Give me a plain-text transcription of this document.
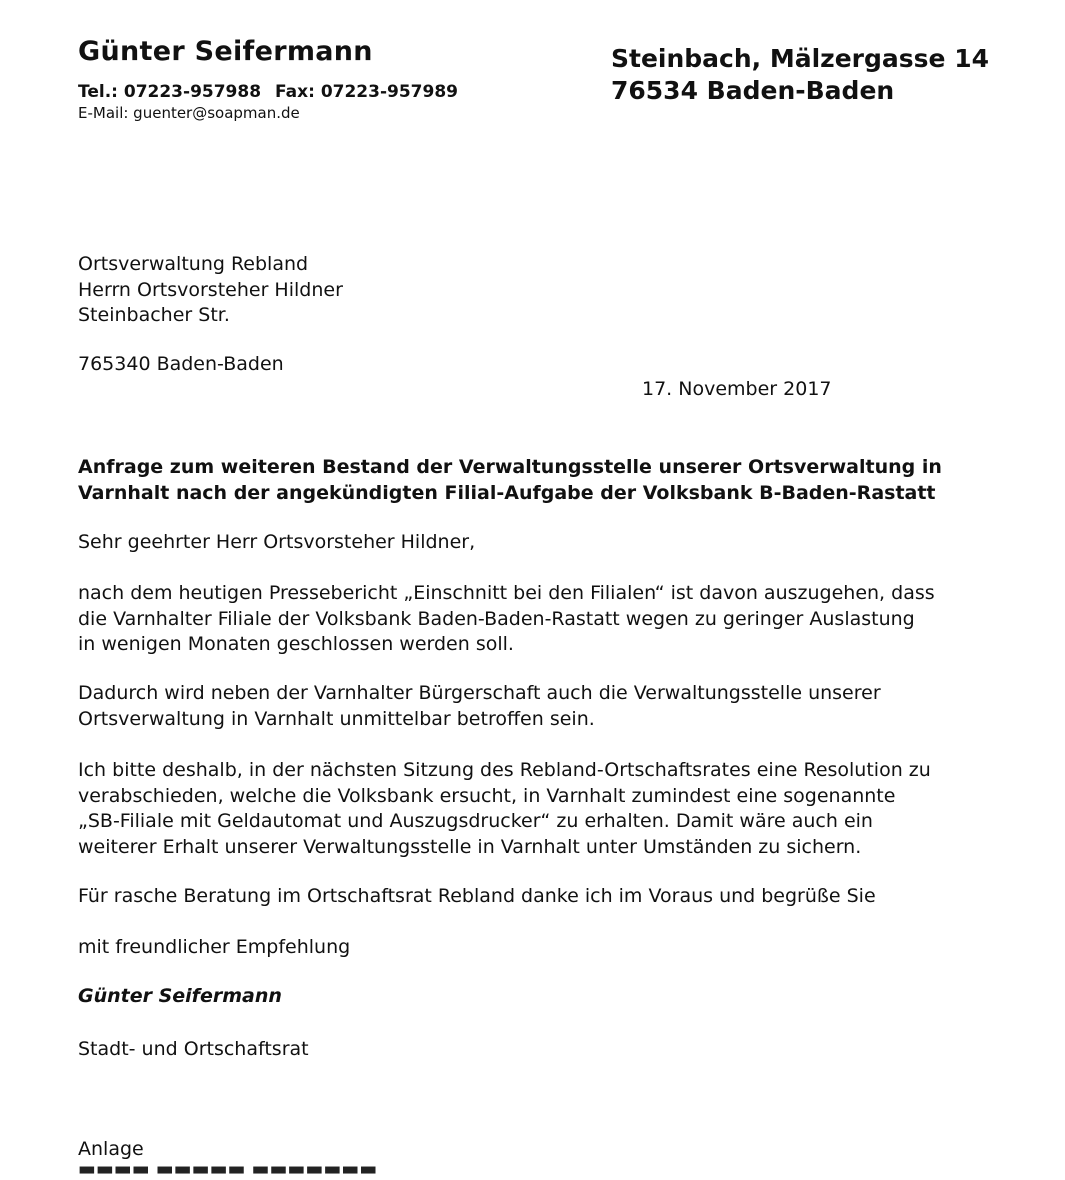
Günter Seifermann
Tel.: 07223-957988 Fax: 07223-957989
E-Mail: guenter@soapman.de
Steinbach, Mälzergasse 14
76534 Baden-Baden
Ortsverwaltung Rebland
Herrn Ortsvorsteher Hildner
Steinbacher Str.
765340 Baden-Baden
17. November 2017
Anfrage zum weiteren Bestand der Verwaltungsstelle unserer Ortsverwaltung in
Varnhalt nach der angekündigten Filial-Aufgabe der Volksbank B-Baden-Rastatt
Sehr geehrter Herr Ortsvorsteher Hildner,
nach dem heutigen Pressebericht „Einschnitt bei den Filialen“ ist davon auszugehen, dass
die Varnhalter Filiale der Volksbank Baden-Baden-Rastatt wegen zu geringer Auslastung
in wenigen Monaten geschlossen werden soll.
Dadurch wird neben der Varnhalter Bürgerschaft auch die Verwaltungsstelle unserer
Ortsverwaltung in Varnhalt unmittelbar betroffen sein.
Ich bitte deshalb, in der nächsten Sitzung des Rebland-Ortschaftsrates eine Resolution zu
verabschieden, welche die Volksbank ersucht, in Varnhalt zumindest eine sogenannte
„SB-Filiale mit Geldautomat und Auszugsdrucker“ zu erhalten. Damit wäre auch ein
weiterer Erhalt unserer Verwaltungsstelle in Varnhalt unter Umständen zu sichern.
Für rasche Beratung im Ortschaftsrat Rebland danke ich im Voraus und begrüße Sie
mit freundlicher Empfehlung
Günter Seifermann
Stadt- und Ortschaftsrat
Anlage
▬▬▬▬ ▬▬▬▬▬ ▬▬▬▬▬▬▬
